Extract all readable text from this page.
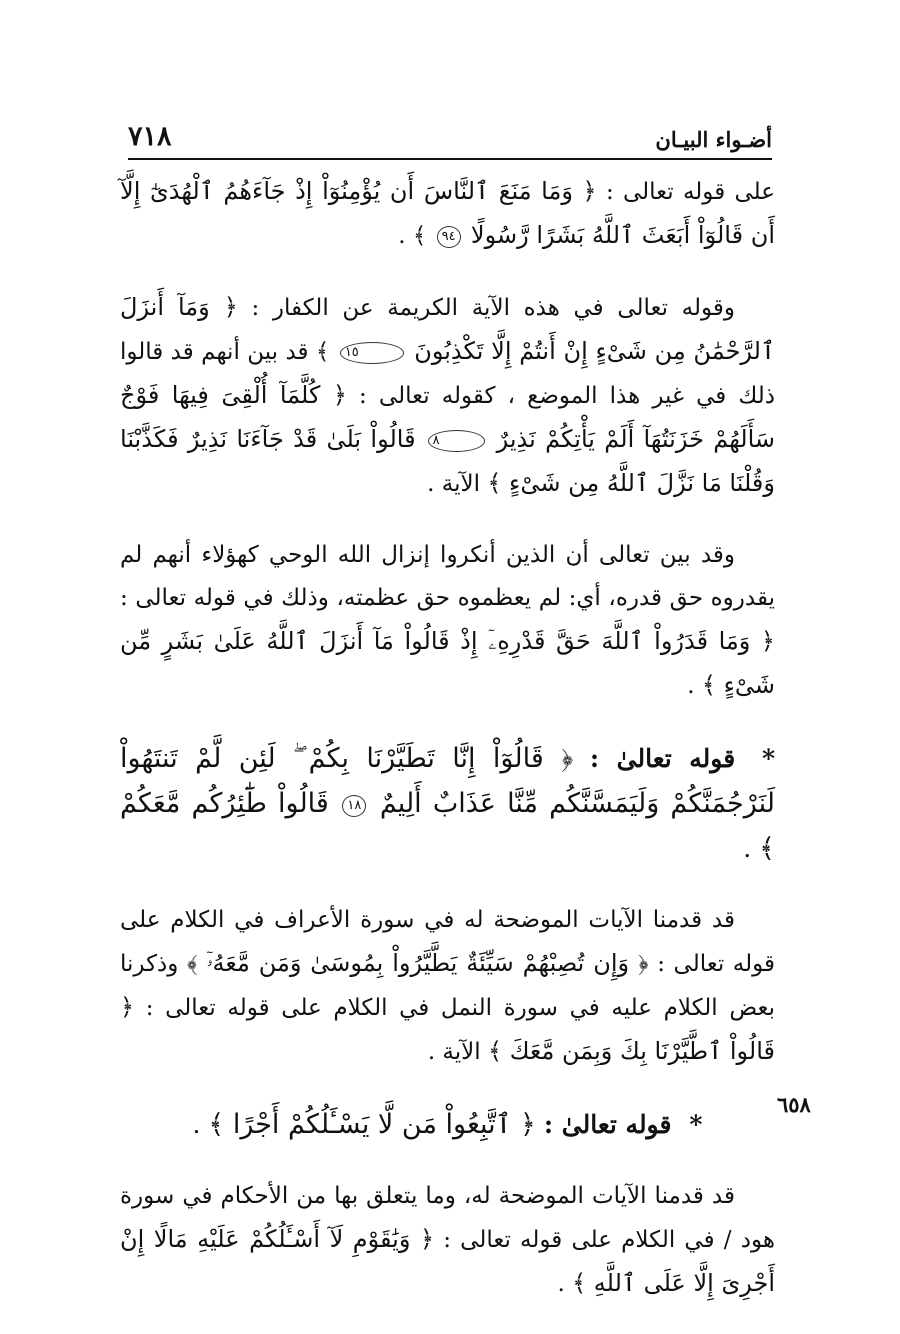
٧١٨	أضـواء البيـان

على قوله تعالى : ﴿ وَمَا مَنَعَ ٱلنَّاسَ أَن يُؤْمِنُوٓاْ إِذْ جَآءَهُمُ ٱلْهُدَىٰٓ إِلَّآ أَن قَالُوٓاْ أَبَعَثَ ٱللَّهُ بَشَرًا رَّسُولًا ٩٤ ﴾ .

وقوله تعالى في هذه الآية الكريمة عن الكفار : ﴿ وَمَآ أَنزَلَ ٱلرَّحْمَٰنُ مِن شَىْءٍ إِنْ أَنتُمْ إِلَّا تَكْذِبُونَ ١٥ ﴾ قد بين أنهم قد قالوا ذلك في غير هذا الموضع ، كقوله تعالى : ﴿ كُلَّمَآ أُلْقِىَ فِيهَا فَوْجٌ سَأَلَهُمْ خَزَنَتُهَآ أَلَمْ يَأْتِكُمْ نَذِيرٌ ٨ قَالُواْ بَلَىٰ قَدْ جَآءَنَا نَذِيرٌ فَكَذَّبْنَا وَقُلْنَا مَا نَزَّلَ ٱللَّهُ مِن شَىْءٍ ﴾ الآية .

وقد بين تعالى أن الذين أنكروا إنزال الله الوحي كهؤلاء أنهم لم يقدروه حق قدره، أي: لم يعظموه حق عظمته، وذلك في قوله تعالى : ﴿ وَمَا قَدَرُواْ ٱللَّهَ حَقَّ قَدْرِهِۦٓ إِذْ قَالُواْ مَآ أَنزَلَ ٱللَّهُ عَلَىٰ بَشَرٍ مِّن شَىْءٍ ﴾ .

* قوله تعالىٰ : ﴿ قَالُوٓاْ إِنَّا تَطَيَّرْنَا بِكُمْ ۖ لَئِن لَّمْ تَنتَهُواْ لَنَرْجُمَنَّكُمْ وَلَيَمَسَّنَّكُم مِّنَّا عَذَابٌ أَلِيمٌ ١٨ قَالُواْ طَٰٓئِرُكُم مَّعَكُمْ ﴾ .

قد قدمنا الآيات الموضحة له في سورة الأعراف في الكلام على قوله تعالى : ﴿ وَإِن تُصِبْهُمْ سَيِّئَةٌ يَطَّيَّرُواْ بِمُوسَىٰ وَمَن مَّعَهُۥٓ ﴾ وذكرنا بعض الكلام عليه في سورة النمل في الكلام على قوله تعالى : ﴿ قَالُواْ ٱطَّيَّرْنَا بِكَ وَبِمَن مَّعَكَ ﴾ الآية .

* قوله تعالىٰ : ﴿ ٱتَّبِعُواْ مَن لَّا يَسْـَٔلُكُمْ أَجْرًا ﴾ .

قد قدمنا الآيات الموضحة له، وما يتعلق بها من الأحكام في سورة هود / في الكلام على قوله تعالى : ﴿ وَيَٰقَوْمِ لَآ أَسْـَٔلُكُمْ عَلَيْهِ مَالًا إِنْ أَجْرِىَ إِلَّا عَلَى ٱللَّهِ ﴾ .

٦٥٨
